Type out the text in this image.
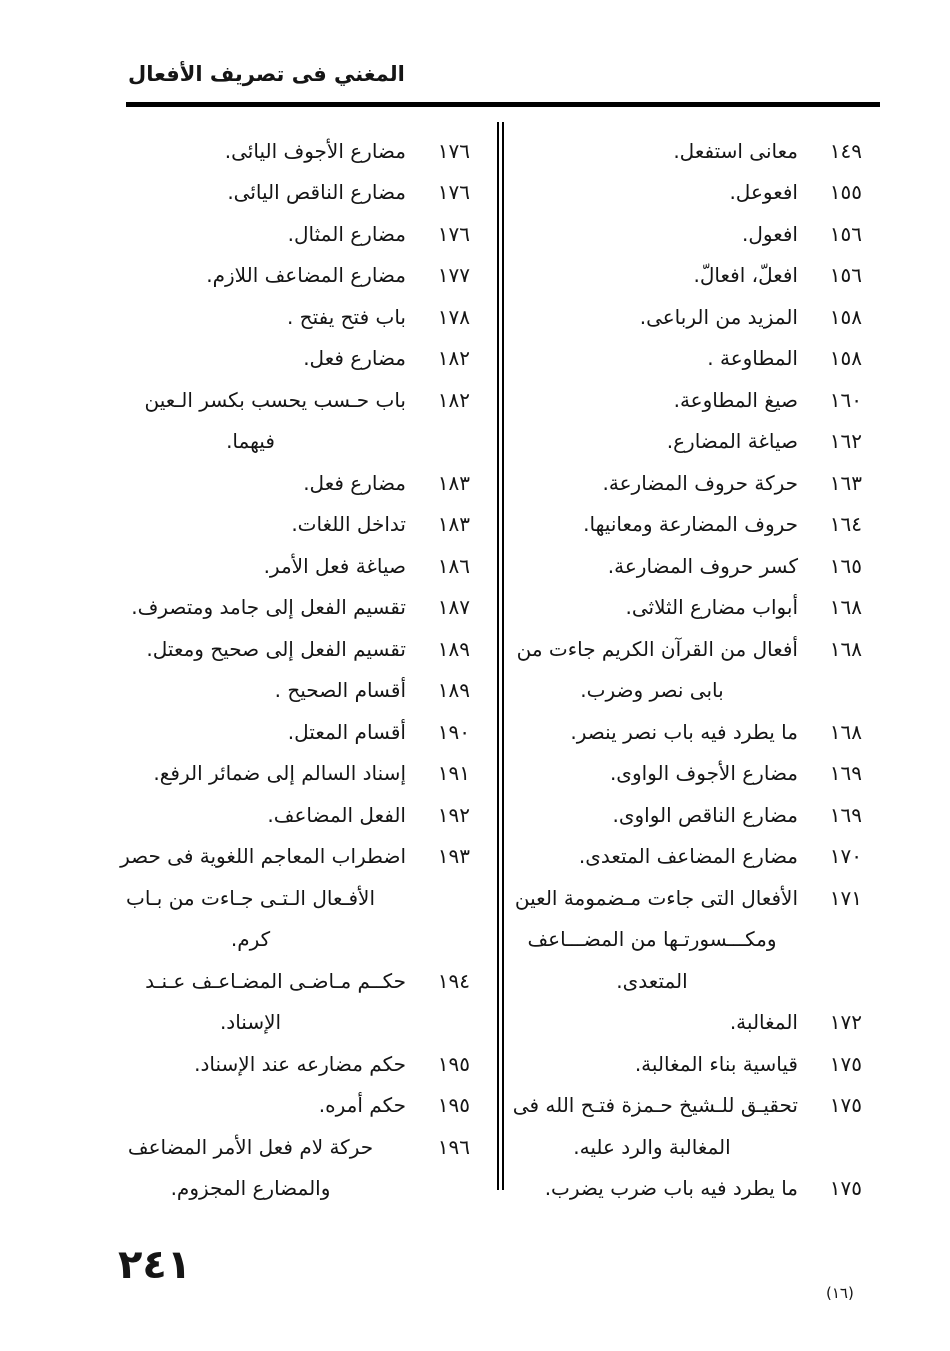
المغني فى تصريف الأفعال
١٤٩
معانى استفعل.
١٥٥
افعوعل.
١٥٦
افعول.
١٥٦
افعلّ، افعالّ.
١٥٨
المزيد من الرباعى.
١٥٨
المطاوعة .
١٦٠
صيغ المطاوعة.
١٦٢
صياغة المضارع.
١٦٣
حركة حروف المضارعة.
١٦٤
حروف المضارعة ومعانيها.
١٦٥
كسر حروف المضارعة.
١٦٨
أبواب مضارع الثلاثى.
١٦٨
أفعال من القرآن الكريم جاءت من
بابى نصر وضرب.
١٦٨
ما يطرد فيه باب نصر ينصر.
١٦٩
مضارع الأجوف الواوى.
١٦٩
مضارع الناقص الواوى.
١٧٠
مضارع المضاعف المتعدى.
١٧١
الأفعال التى جاءت مـضمومة العين
ومكـــسورتـها من المضـــاعف
المتعدى.
١٧٢
المغالبة.
١٧٥
قياسية بناء المغالبة.
١٧٥
تحقيـق للـشيخ حـمزة فتـح الله فى
المغالبة والرد عليه.
١٧٥
ما يطرد فيه باب ضرب يضرب.
١٧٦
مضارع الأجوف اليائى.
١٧٦
مضارع الناقص اليائى.
١٧٦
مضارع المثال.
١٧٧
مضارع المضاعف اللازم.
١٧٨
باب فتح يفتح .
١٨٢
مضارع فعل.
١٨٢
باب حـسب يحسب بكسر الـعين
فيهما.
١٨٣
مضارع فعل.
١٨٣
تداخل اللغات.
١٨٦
صياغة فعل الأمر.
١٨٧
تقسيم الفعل إلى جامد ومتصرف.
١٨٩
تقسيم الفعل إلى صحيح ومعتل.
١٨٩
أقسام الصحيح .
١٩٠
أقسام المعتل.
١٩١
إسناد السالم إلى ضمائر الرفع.
١٩٢
الفعل المضاعف.
١٩٣
اضطراب المعاجم اللغوية فى حصر
الأفـعال الـتـى جـاءت من بـاب
كرم.
١٩٤
حكــم مـاضـى المضـاعـف عـنـد
الإسناد.
١٩٥
حكم مضارعه عند الإسناد.
١٩٥
حكم أمره.
١٩٦
حركة لام فعل الأمر المضاعف
والمضارع المجزوم.
٢٤١
(١٦)
